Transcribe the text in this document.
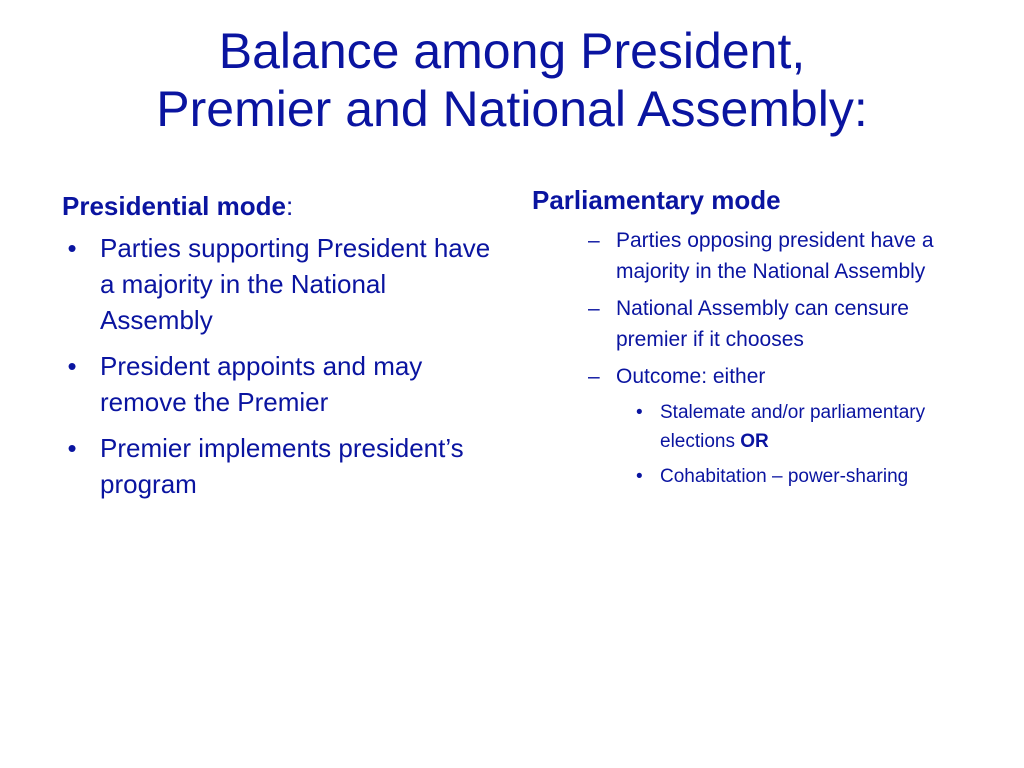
Balance among President,
Premier and National Assembly:
Presidential mode:
• Parties supporting President have a majority in the National Assembly
• President appoints and may remove the Premier
• Premier implements president’s program
Parliamentary mode
– Parties opposing president have a majority in the National Assembly
– National Assembly can censure premier if it chooses
– Outcome: either
• Stalemate and/or parliamentary elections OR
• Cohabitation – power-sharing
